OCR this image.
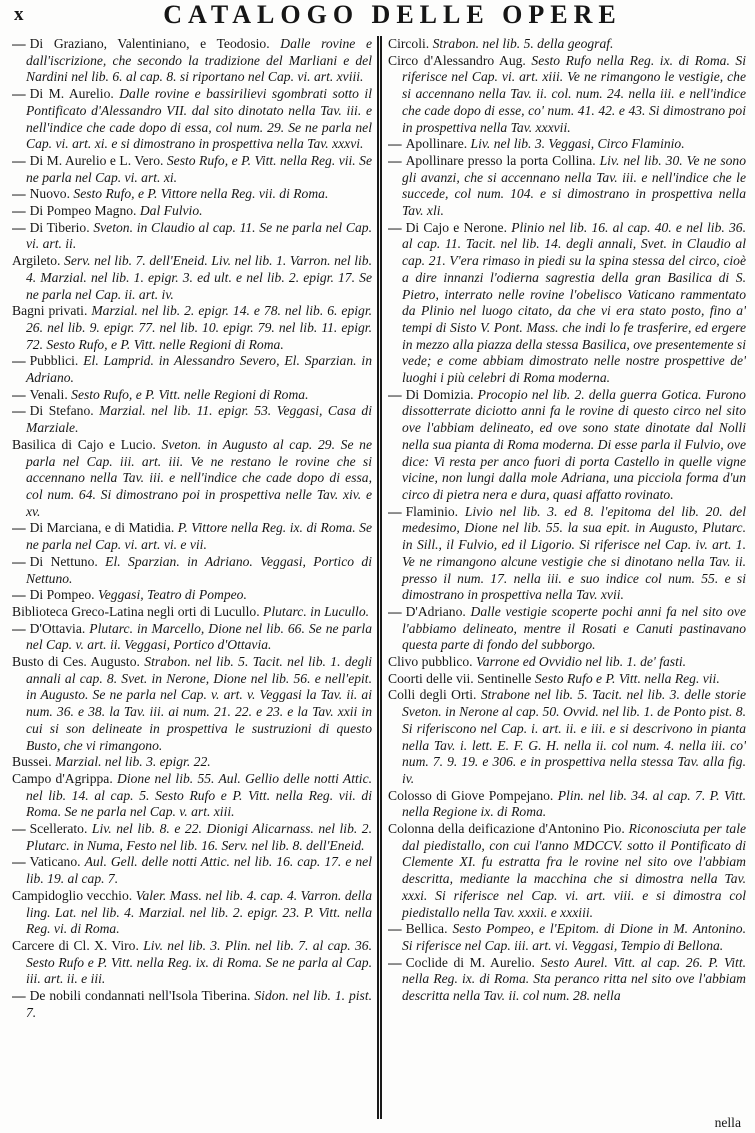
x	CATALOGO DELLE OPERE
— Di Graziano, Valentiniano, e Teodosio. Dalle rovine e dall'iscrizione, che secondo la tradizione del Marliani e del Nardini nel lib. 6. al cap. 8. si riportano nel Cap. vi. art. xviii.
— Di M. Aurelio. Dalle rovine e bassirilievi sgombrati sotto il Pontificato d'Alessandro VII. dal sito dinotato nella Tav. iii. e nell'indice che cade dopo di essa, col num. 29. Se ne parla nel Cap. vi. art. xi. e si dimostrano in prospettiva nella Tav. xxxvi.
— Di M. Aurelio e L. Vero. Sesto Rufo, e P. Vitt. nella Reg. vii. Se ne parla nel Cap. vi. art. xi.
— Nuovo. Sesto Rufo, e P. Vittore nella Reg. vii. di Roma.
— Di Pompeo Magno. Dal Fulvio.
— Di Tiberio. Sveton. in Claudio al cap. 11. Se ne parla nel Cap. vi. art. ii.
Argileto. Serv. nel lib. 7. dell'Eneid. Liv. nel lib. 1. Varron. nel lib. 4. Marzial. nel lib. 1. epigr. 3. ed ult. e nel lib. 2. epigr. 17. Se ne parla nel Cap. ii. art. iv.
Bagni privati. Marzial. nel lib. 2. epigr. 14. e 78. nel lib. 6. epigr. 26. nel lib. 9. epigr. 77. nel lib. 10. epigr. 79. nel lib. 11. epigr. 72. Sesto Rufo, e P. Vitt. nelle Regioni di Roma.
— Pubblici. El. Lamprid. in Alessandro Severo, El. Sparzian. in Adriano.
— Venali. Sesto Rufo, e P. Vitt. nelle Regioni di Roma.
— Di Stefano. Marzial. nel lib. 11. epigr. 53. Veggasi, Casa di Marziale.
Basilica di Cajo e Lucio. Sveton. in Augusto al cap. 29. Se ne parla nel Cap. iii. art. iii. Ve ne restano le rovine che si accennano nella Tav. iii. e nell'indice che cade dopo di essa, col num. 64. Si dimostrano poi in prospettiva nelle Tav. xiv. e xv.
— Di Marciana, e di Matidia. P. Vittore nella Reg. ix. di Roma. Se ne parla nel Cap. vi. art. vi. e vii.
— Di Nettuno. El. Sparzian. in Adriano. Veggasi, Portico di Nettuno.
— Di Pompeo. Veggasi, Teatro di Pompeo.
Biblioteca Greco-Latina negli orti di Lucullo. Plutarc. in Lucullo.
— D'Ottavia. Plutarc. in Marcello, Dione nel lib. 66. Se ne parla nel Cap. v. art. ii. Veggasi, Portico d'Ottavia.
Busto di Ces. Augusto. Strabon. nel lib. 5. Tacit. nel lib. 1. degli annali al cap. 8. Svet. in Nerone, Dione nel lib. 56. e nell'epit. in Augusto. Se ne parla nel Cap. v. art. v. Veggasi la Tav. ii. ai num. 36. e 38. la Tav. iii. ai num. 21. 22. e 23. e la Tav. xxii in cui si son delineate in prospettiva le sustruzioni di questo Busto, che vi rimangono.
Bussei. Marzial. nel lib. 3. epigr. 22.
Campo d'Agrippa. Dione nel lib. 55. Aul. Gellio delle notti Attic. nel lib. 14. al cap. 5. Sesto Rufo e P. Vitt. nella Reg. vii. di Roma. Se ne parla nel Cap. v. art. xiii.
— Scellerato. Liv. nel lib. 8. e 22. Dionigi Alicarnass. nel lib. 2. Plutarc. in Numa, Festo nel lib. 16. Serv. nel lib. 8. dell'Eneid.
— Vaticano. Aul. Gell. delle notti Attic. nel lib. 16. cap. 17. e nel lib. 19. al cap. 7.
Campidoglio vecchio. Valer. Mass. nel lib. 4. cap. 4. Varron. della ling. Lat. nel lib. 4. Marzial. nel lib. 2. epigr. 23. P. Vitt. nella Reg. vi. di Roma.
Carcere di Cl. X. Viro. Liv. nel lib. 3. Plin. nel lib. 7. al cap. 36. Sesto Rufo e P. Vitt. nella Reg. ix. di Roma. Se ne parla al Cap. iii. art. ii. e iii.
— De nobili condannati nell'Isola Tiberina. Sidon. nel lib. 1. pist. 7.
Circoli. Strabon. nel lib. 5. della geograf.
Circo d'Alessandro Aug. Sesto Rufo nella Reg. ix. di Roma. Si riferisce nel Cap. vi. art. xiii. Ve ne rimangono le vestigie, che si accennano nella Tav. ii. col. num. 24. nella iii. e nell'indice che cade dopo di esse, co' num. 41. 42. e 43. Si dimostrano poi in prospettiva nella Tav. xxxvii.
— Apollinare. Liv. nel lib. 3. Veggasi, Circo Flaminio.
— Apollinare presso la porta Collina. Liv. nel lib. 30. Ve ne sono gli avanzi, che si accennano nella Tav. iii. e nell'indice che le succede, col num. 104. e si dimostrano in prospettiva nella Tav. xli.
— Di Cajo e Nerone. Plinio nel lib. 16. al cap. 40. e nel lib. 36. al cap. 11. Tacit. nel lib. 14. degli annali, Svet. in Claudio al cap. 21. V'era rimaso in piedi su la spina stessa del circo, cioè a dire innanzi l'odierna sagrestia della gran Basilica di S. Pietro, interrato nelle rovine l'obelisco Vaticano rammentato da Plinio nel luogo citato, da che vi era stato posto, fino a' tempi di Sisto V. Pont. Mass. che indi lo fe trasferire, ed ergere in mezzo alla piazza della stessa Basilica, ove presentemente si vede; e come abbiam dimostrato nelle nostre prospettive de' luoghi i più celebri di Roma moderna.
— Di Domizia. Procopio nel lib. 2. della guerra Gotica. Furono dissotterrate diciotto anni fa le rovine di questo circo nel sito ove l'abbiam delineato, ed ove sono state dinotate dal Nolli nella sua pianta di Roma moderna. Di esse parla il Fulvio, ove dice: Vi resta per anco fuori di porta Castello in quelle vigne vicine, non lungi dalla mole Adriana, una picciola forma d'un circo di pietra nera e dura, quasi affatto rovinato.
— Flaminio. Livio nel lib. 3. ed 8. l'epitoma del lib. 20. del medesimo, Dione nel lib. 55. la sua epit. in Augusto, Plutarc. in Sill., il Fulvio, ed il Ligorio. Si riferisce nel Cap. iv. art. 1. Ve ne rimangono alcune vestigie che si dinotano nella Tav. ii. presso il num. 17. nella iii. e suo indice col num. 55. e si dimostrano in prospettiva nella Tav. xvii.
— D'Adriano. Dalle vestigie scoperte pochi anni fa nel sito ove l'abbiamo delineato, mentre il Rosati e Canuti pastinavano questa parte di fondo del subborgo.
Clivo pubblico. Varrone ed Ovvidio nel lib. 1. de' fasti.
Coorti delle vii. Sentinelle Sesto Rufo e P. Vitt. nella Reg. vii.
Colli degli Orti. Strabone nel lib. 5. Tacit. nel lib. 3. delle storie Sveton. in Nerone al cap. 50. Ovvid. nel lib. 1. de Ponto pist. 8. Si riferiscono nel Cap. i. art. ii. e iii. e si descrivono in pianta nella Tav. i. lett. E. F. G. H. nella ii. col num. 4. nella iii. co' num. 7. 9. 19. e 306. e in prospettiva nella stessa Tav. alla fig. iv.
Colosso di Giove Pompejano. Plin. nel lib. 34. al cap. 7. P. Vitt. nella Regione ix. di Roma.
Colonna della deificazione d'Antonino Pio. Riconosciuta per tale dal piedistallo, con cui l'anno MDCCV. sotto il Pontificato di Clemente XI. fu estratta fra le rovine nel sito ove l'abbiam descritta, mediante la macchina che si dimostra nella Tav. xxxi. Si riferisce nel Cap. vi. art. viii. e si dimostra col piedistallo nella Tav. xxxii. e xxxiii.
— Bellica. Sesto Pompeo, e l'Epitom. di Dione in M. Antonino. Si riferisce nel Cap. iii. art. vi. Veggasi, Tempio di Bellona.
— Coclide di M. Aurelio. Sesto Aurel. Vitt. al cap. 26. P. Vitt. nella Reg. ix. di Roma. Sta peranco ritta nel sito ove l'abbiam descritta nella Tav. ii. col num. 28. nella
nella
